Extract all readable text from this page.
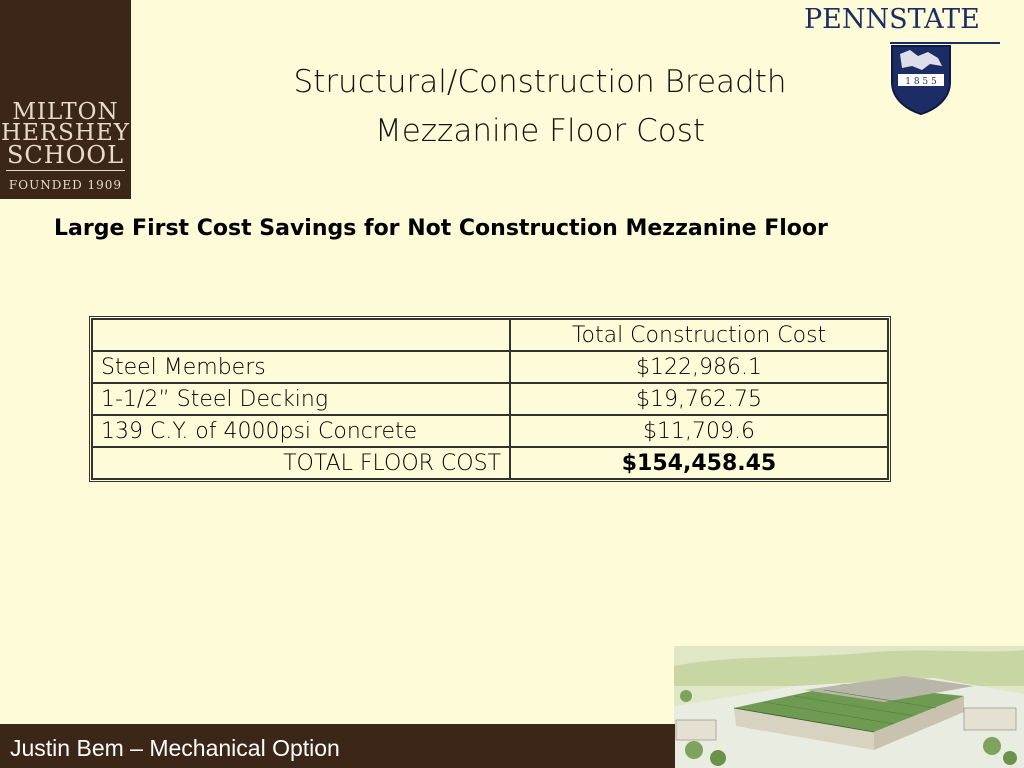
MILTON
HERSHEY
SCHOOL
FOUNDED 1909
PENNSTATE
1 8 5 5
Structural/Construction Breadth
Mezzanine Floor Cost
Large First Cost Savings for Not Construction Mezzanine Floor
	Total Construction Cost
Steel Members	$122,986.1
1-1/2” Steel Decking	$19,762.75
139 C.Y. of 4000psi Concrete	$11,709.6
TOTAL FLOOR COST	$154,458.45
Justin Bem – Mechanical Option
